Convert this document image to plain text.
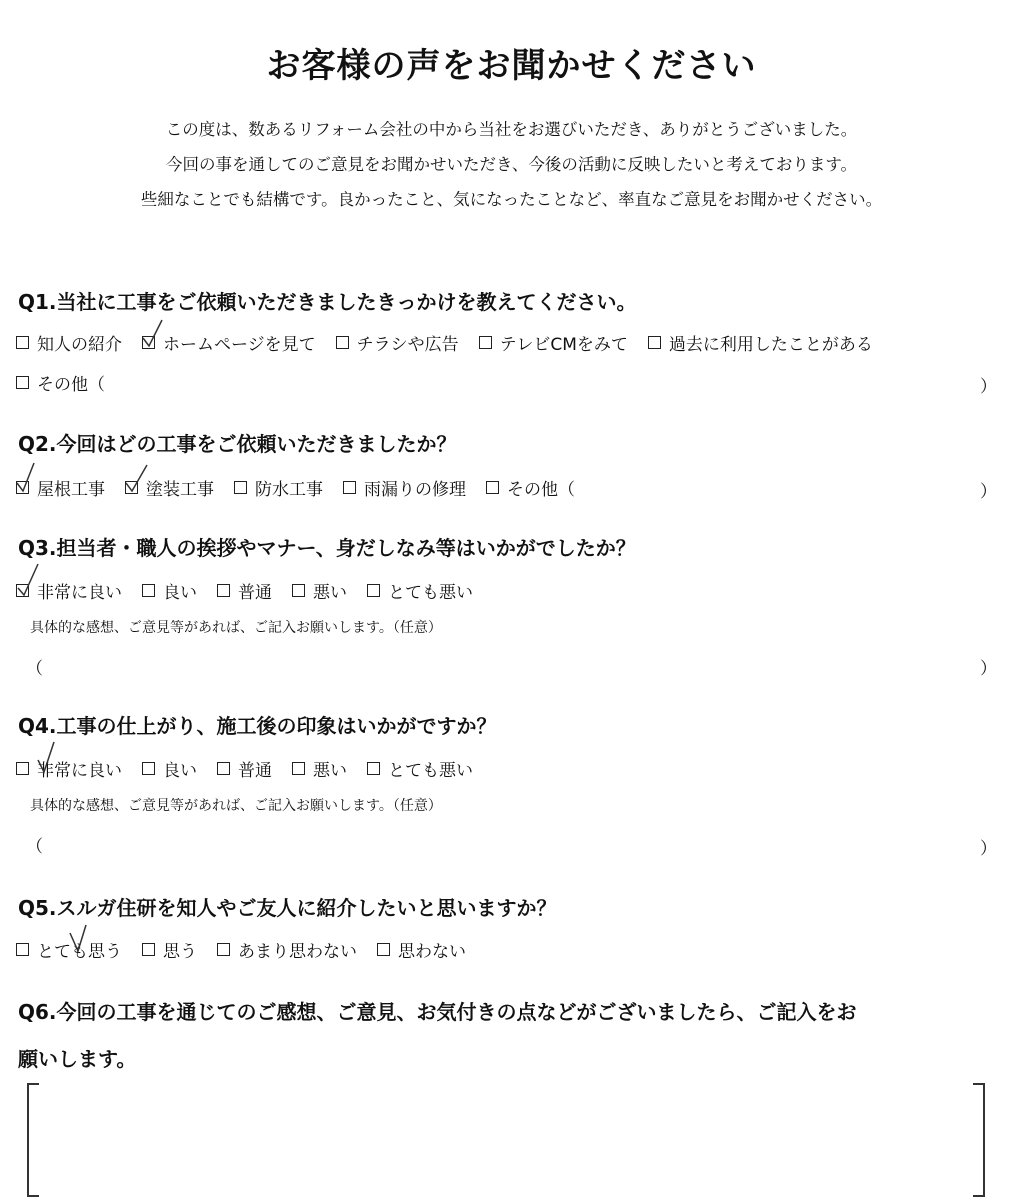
お客様の声をお聞かせください
この度は、数あるリフォーム会社の中から当社をお選びいただき、ありがとうございました。
今回の事を通してのご意見をお聞かせいただき、今後の活動に反映したいと考えております。
些細なことでも結構です。良かったこと、気になったことなど、率直なご意見をお聞かせください。
Q1.当社に工事をご依頼いただきましたきっかけを教えてください。
知人の紹介 ホームページを見て チラシや広告 テレビCMをみて 過去に利用したことがある
その他（	）
Q2.今回はどの工事をご依頼いただきましたか？
屋根工事 塗装工事 防水工事 雨漏りの修理 その他（	）
Q3.担当者・職人の挨拶やマナー、身だしなみ等はいかがでしたか？
非常に良い 良い 普通 悪い とても悪い
具体的な感想、ご意見等があれば、ご記入お願いします。（任意）
（	）
Q4.工事の仕上がり、施工後の印象はいかがですか？
非常に良い 良い 普通 悪い とても悪い
具体的な感想、ご意見等があれば、ご記入お願いします。（任意）
（	）
Q5.スルガ住研を知人やご友人に紹介したいと思いますか？
とても思う 思う あまり思わない 思わない
Q6.今回の工事を通じてのご感想、ご意見、お気付きの点などがございましたら、ご記入をお
願いします。
